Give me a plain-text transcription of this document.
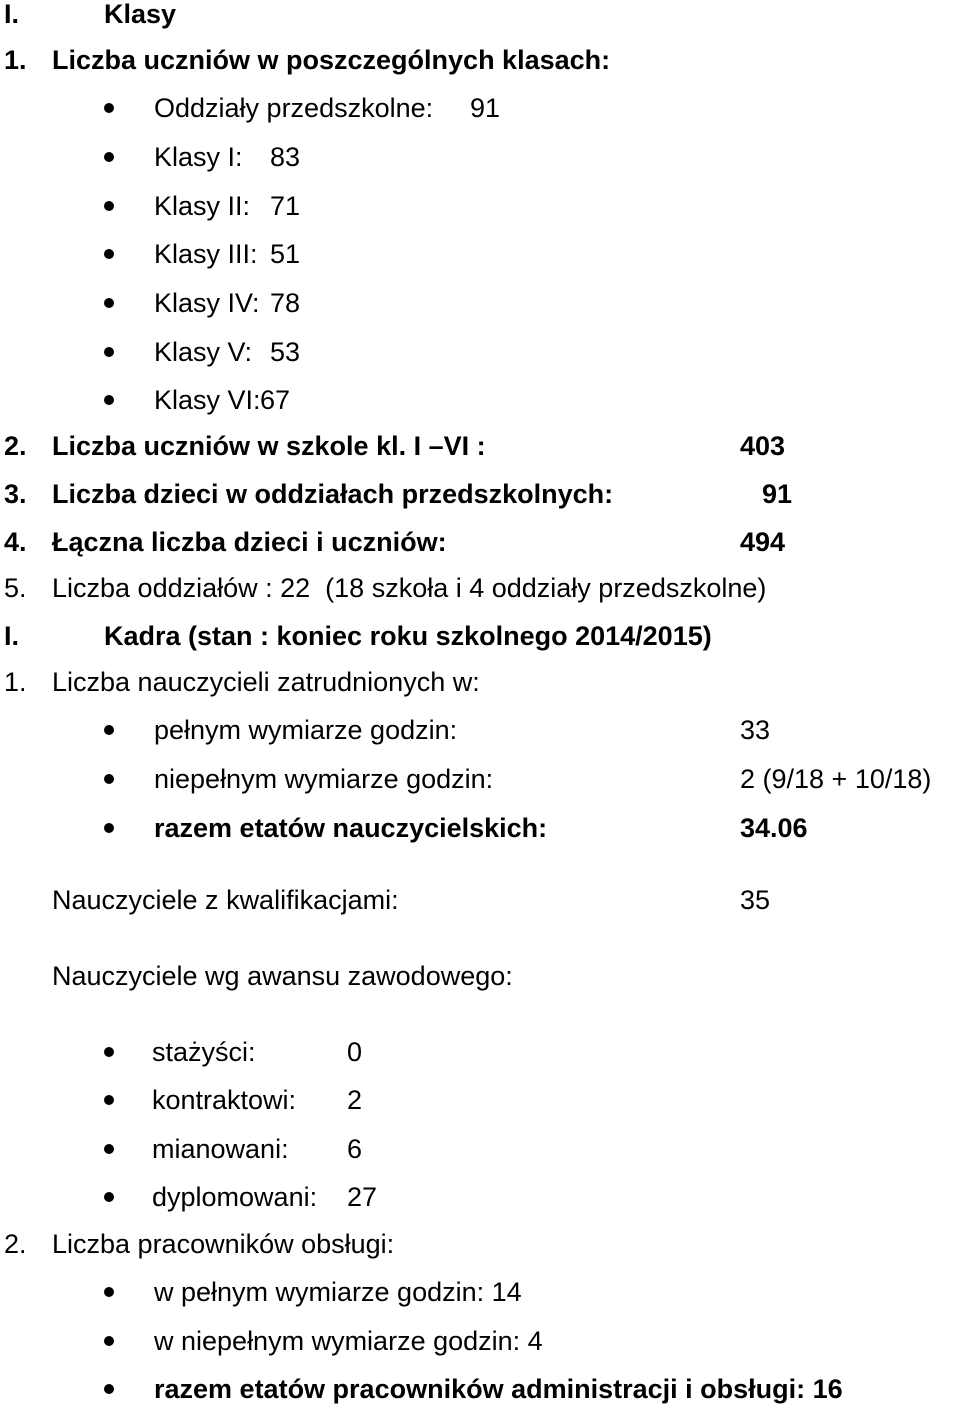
I.	Klasy
1. Liczba uczniów w poszczególnych klasach:
Oddziały przedszkolne: 91
Klasy I: 83
Klasy II: 71
Klasy III: 51
Klasy IV: 78
Klasy V: 53
Klasy VI: 67
2. Liczba uczniów w szkole kl. I –VI :	403
3. Liczba dzieci w oddziałach przedszkolnych:	91
4. Łączna liczba dzieci i uczniów:	494
5. Liczba oddziałów : 22  (18 szkoła i 4 oddziały przedszkolne)
I.	Kadra (stan : koniec roku szkolnego 2014/2015)
1. Liczba nauczycieli zatrudnionych w:
pełnym wymiarze godzin:	33
niepełnym wymiarze godzin:	2 (9/18 + 10/18)
razem etatów nauczycielskich:	34.06
Nauczyciele z kwalifikacjami:	35
Nauczyciele wg awansu zawodowego:
stażyści:	0
kontraktowi: 2
mianowani: 6
dyplomowani: 27
2. Liczba pracowników obsługi:
w pełnym wymiarze godzin: 14
w niepełnym wymiarze godzin: 4
razem etatów pracowników administracji i obsługi: 16
